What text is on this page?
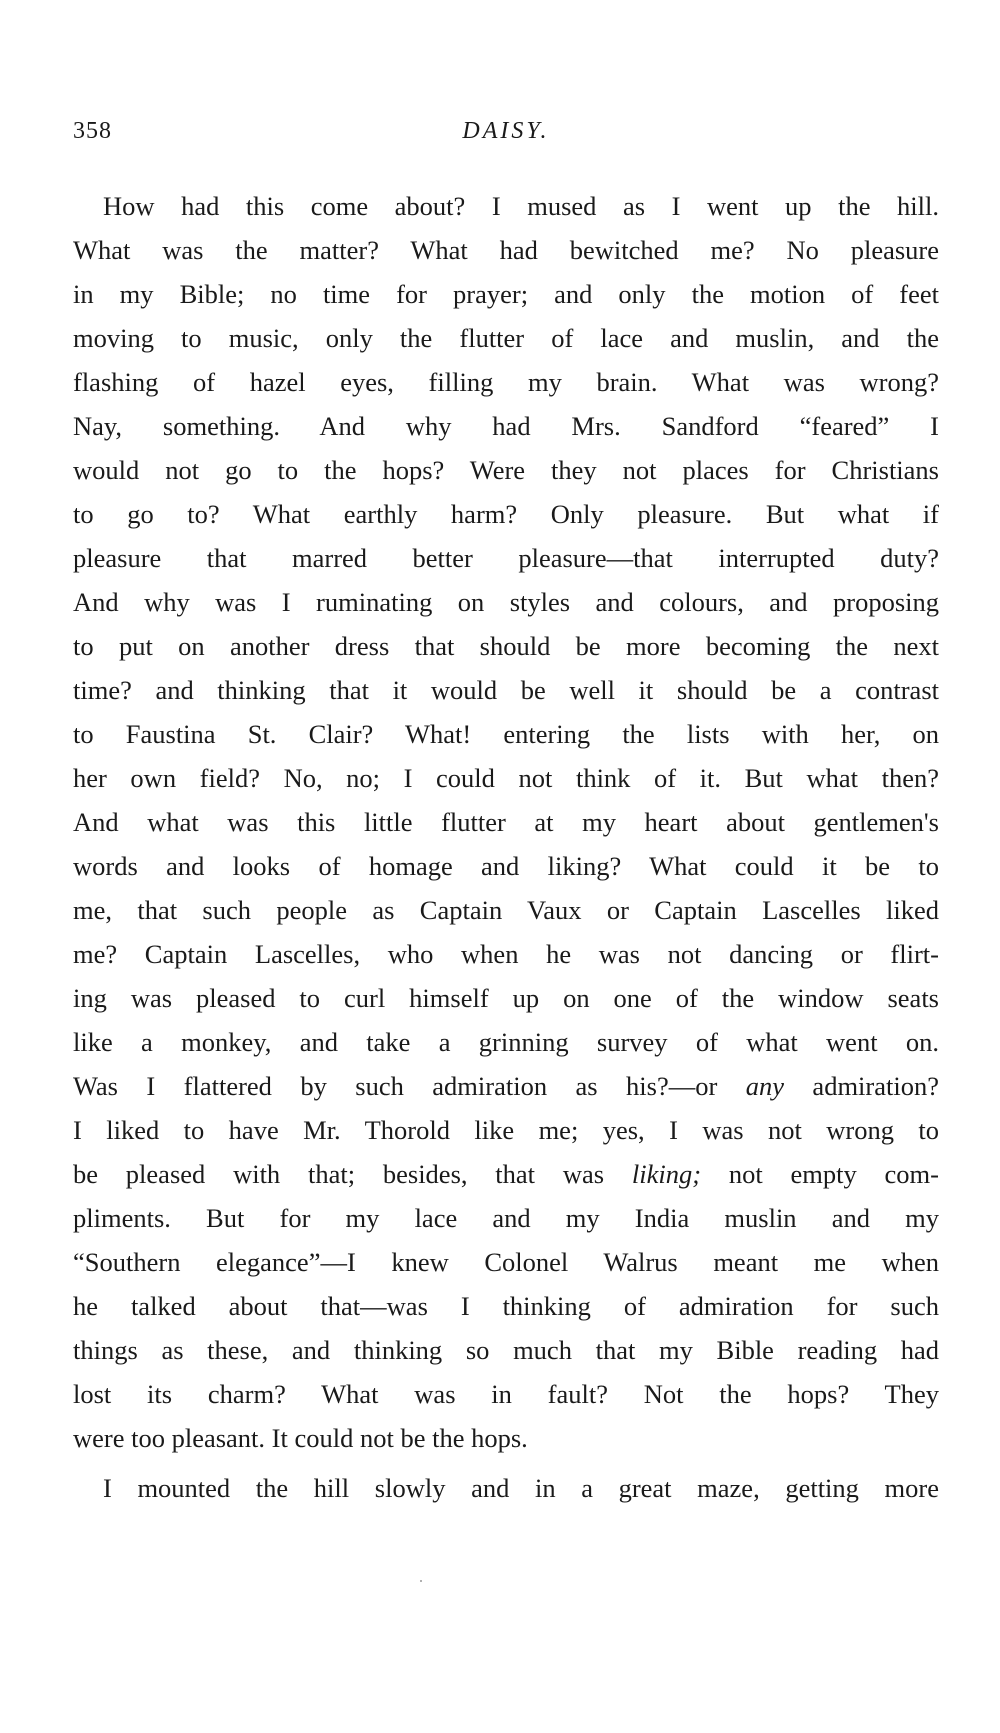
358	DAISY.
How had this come about? I mused as I went up the hill.
What was the matter? What had bewitched me? No pleasure
in my Bible; no time for prayer; and only the motion of feet
moving to music, only the flutter of lace and muslin, and the
flashing of hazel eyes, filling my brain. What was wrong?
Nay, something. And why had Mrs. Sandford “feared” I
would not go to the hops? Were they not places for Christians
to go to? What earthly harm? Only pleasure. But what if
pleasure that marred better pleasure—that interrupted duty?
And why was I ruminating on styles and colours, and proposing
to put on another dress that should be more becoming the next
time? and thinking that it would be well it should be a contrast
to Faustina St. Clair? What! entering the lists with her, on
her own field? No, no; I could not think of it. But what then?
And what was this little flutter at my heart about gentlemen's
words and looks of homage and liking? What could it be to
me, that such people as Captain Vaux or Captain Lascelles liked
me? Captain Lascelles, who when he was not dancing or flirt-
ing was pleased to curl himself up on one of the window seats
like a monkey, and take a grinning survey of what went on.
Was I flattered by such admiration as his?—or any admiration?
I liked to have Mr. Thorold like me; yes, I was not wrong to
be pleased with that; besides, that was liking; not empty com-
pliments. But for my lace and my India muslin and my
“Southern elegance”—I knew Colonel Walrus meant me when
he talked about that—was I thinking of admiration for such
things as these, and thinking so much that my Bible reading had
lost its charm? What was in fault? Not the hops? They
were too pleasant. It could not be the hops.
I mounted the hill slowly and in a great maze, getting more
